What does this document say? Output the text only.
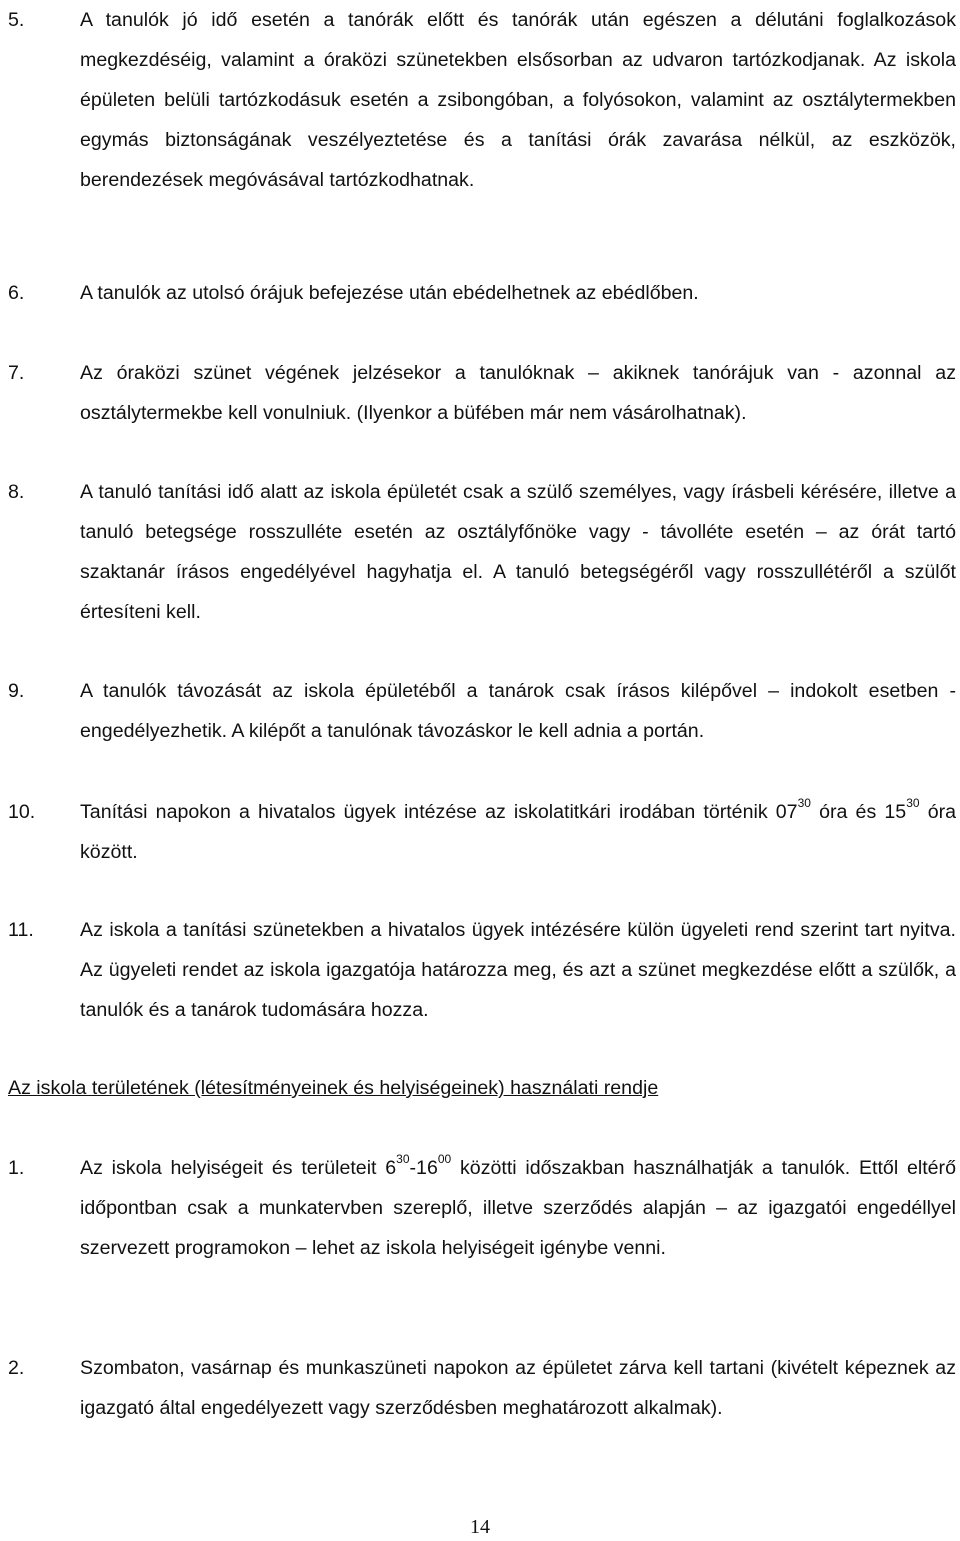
5.	A tanulók jó idő esetén a tanórák előtt és tanórák után egészen a délutáni foglalkozások megkezdéséig, valamint a óraközi szünetekben elsősorban az udvaron tartózkodjanak. Az iskola épületen belüli tartózkodásuk esetén a zsibongóban, a folyósokon, valamint az osztálytermekben egymás biztonságának veszélyeztetése és a tanítási órák zavarása nélkül, az eszközök, berendezések megóvásával tartózkodhatnak.
6.	A tanulók az utolsó órájuk befejezése után ebédelhetnek az ebédlőben.
7.	Az óraközi szünet végének jelzésekor a tanulóknak – akiknek tanórájuk van - azonnal az osztálytermekbe kell vonulniuk. (Ilyenkor a büfében már nem vásárolhatnak).
8.	A tanuló tanítási idő alatt az iskola épületét csak a szülő személyes, vagy írásbeli kérésére, illetve a tanuló betegsége rosszulléte esetén az osztályfőnöke vagy - távolléte esetén – az órát tartó szaktanár írásos engedélyével hagyhatja el. A tanuló betegségéről vagy rosszullétéről a szülőt értesíteni kell.
9.	A tanulók távozását az iskola épületéből a tanárok csak írásos kilépővel – indokolt esetben - engedélyezhetik. A kilépőt a tanulónak távozáskor le kell adnia a portán.
10. Tanítási napokon a hivatalos ügyek intézése az iskolatitkári irodában történik $07^{30}$ óra és $15^{30}$ óra között.
11. Az iskola a tanítási szünetekben a hivatalos ügyek intézésére külön ügyeleti rend szerint tart nyitva. Az ügyeleti rendet az iskola igazgatója határozza meg, és azt a szünet megkezdése előtt a szülők, a tanulók és a tanárok tudomására hozza.
Az iskola területének (létesítményeinek és helyiségeinek) használati rendje
1.	Az iskola helyiségeit és területeit $6^{30}-16^{00}$ közötti időszakban használhatják a tanulók. Ettől eltérő időpontban csak a munkatervben szereplő, illetve szerződés alapján – az igazgatói engedéllyel szervezett programokon – lehet az iskola helyiségeit igénybe venni.
2.	Szombaton, vasárnap és munkaszüneti napokon az épületet zárva kell tartani (kivételt képeznek az igazgató által engedélyezett vagy szerződésben meghatározott alkalmak).
14
